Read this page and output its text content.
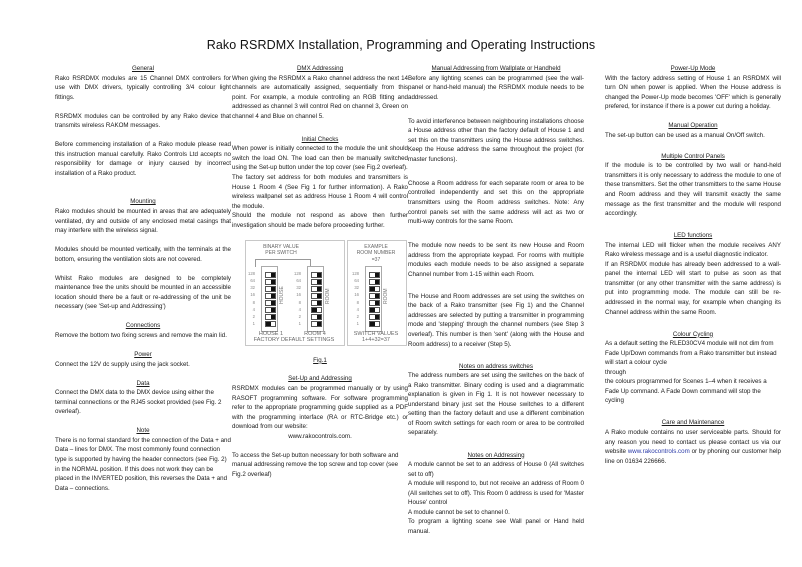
Rako RSRDMX Installation, Programming and Operating Instructions

General

Rako RSRDMX modules are 15 Channel DMX controllers for use with DMX drivers, typically controlling 3/4 colour light fittings.

RSRDMX modules can be controlled by any Rako device that transmits wireless RAKOM messages.

Before commencing installation of a Rako module please read this instruction manual carefully. Rako Controls Ltd accepts no responsibility for damage or injury caused by incorrect installation of a Rako product.

Mounting

Rako modules should be mounted in areas that are adequately ventilated, dry and outside of any enclosed metal casings that may interfere with the wireless signal.

Modules should be mounted vertically, with the terminals at the bottom, ensuring the ventilation slots are not covered.

Whilst Rako modules are designed to be completely maintenance free the units should be mounted in an accessible location should there be a fault or re-addressing of the unit be necessary (see 'Set-up and Addressing')

Connections

Remove the bottom two fixing screws and remove the main lid.

Power

Connect the 12V dc supply using the jack socket.

Data

Connect the DMX data to the DMX device using either the terminal connections or the RJ45 socket provided (see Fig. 2 overleaf).

Note

There is no formal standard for the connection of the Data + and Data – lines for DMX. The most commonly found connection type is supported by having the header connectors (see Fig. 2) in the NORMAL position. If this does not work they can be placed in the INVERTED position, this reverses the Data + and Data – connections.

DMX Addressing

When giving the RSRDMX a Rako channel address the next 14 channels are automatically assigned, sequentially from this point. For example, a module controlling an RGB fitting and addressed as channel 3 will control Red on channel 3, Green on channel 4 and Blue on channel 5.

Initial Checks

When power is initially connected to the module the unit should switch the load ON. The load can then be manually switched using the Set-up button under the top cover (see Fig.2 overleaf).

The factory set address for both modules and transmitters is House 1 Room 4 (See Fig 1 for further information). A Rako wireless wallpanel set as address House 1 Room 4 will control the module.

Should the module not respond as above then further investigation should be made before proceeding further.

BINARY VALUE
PER SWITCH
EXAMPLE
ROOM NUMBER
=37
128
64
32
16
8
4
2
1
128
64
32
16
8
4
2
1
128
64
32
16
8
4
2
1
HOUSE	ROOM	ROOM
HOUSE 1	ROOM 4
FACTORY DEFAULT SETTINGS
SWITCH VALUES
1+4+32=37

Fig.1

Set-Up and Addressing

RSRDMX modules can be programmed manually or by using RASOFT programming software. For software programming refer to the appropriate programming guide supplied as a PDF with the programming interface (RA or RTC-Bridge etc.) or download from our website:

www.rakocontrols.com.

To access the Set-up button necessary for both software and manual addressing remove the top screw and top cover (see Fig.2 overleaf)

Manual Addressing from Wallplate or Handheld

Before any lighting scenes can be programmed (see the wall-panel or hand-held manual) the RSRDMX module needs to be addressed.

To avoid interference between neighbouring installations choose a House address other than the factory default of House 1 and set this on the transmitters using the House address switches. Keep the House address the same throughout the project (for master functions).

Choose a Room address for each separate room or area to be controlled independently and set this on the appropriate transmitters using the Room address switches. Note: Any control panels set with the same address will act as two or multi-way controls for the same Room.

The module now needs to be sent its new House and Room address from the appropriate keypad. For rooms with multiple modules each module needs to be also assigned a separate Channel number from 1-15 within each Room.

The House and Room addresses are set using the switches on the back of a Rako transmitter (see Fig 1) and the Channel addresses are selected by putting a transmitter in programming mode and 'stepping' through the channel numbers (see Step 3 overleaf). This number is then 'sent' (along with the House and Room address) to a receiver (Step 5).

Notes on address switches

The address numbers are set using the switches on the back of a Rako transmitter. Binary coding is used and a diagrammatic explanation is given in Fig 1. It is not however necessary to understand binary just set the House switches to a different setting than the factory default and use a different combination of Room switch settings for each room or area to be controlled separately.

Notes on Addressing

A module cannot be set to an address of House 0 (All switches set to off)

A module will respond to, but not receive an address of Room 0 (All switches set to off). This Room 0 address is used for 'Master House' control

A module cannot be set to channel 0.

To program a lighting scene see Wall panel or Hand held manual.

Power-Up Mode

With the factory address setting of House 1 an RSRDMX will turn ON when power is applied. When the House address is changed the Power-Up mode becomes 'OFF' which is generally prefered, for instance if there is a power cut during a holiday.

Manual Operation

The set-up button can be used as a manual On/Off switch.

Multiple Control Panels

If the module is to be controlled by two wall or hand-held transmitters it is only necessary to address the module to one of these transmitters. Set the other transmitters to the same House and Room address and they will transmit exactly the same message as the first transmitter and the module will respond accordingly.

LED functions

The internal LED will flicker when the module receives ANY Rako wireless message and is a useful diagnostic indicator.

If an RSRDMX module has already been addressed to a wall-panel the internal LED will start to pulse as soon as that transmitter (or any other transmitter with the same address) is put into programming mode. The module can still be re-addressed in the normal way, for example when changing its Channel address within the same Room.

Colour Cycling

As a default setting the RLED30CV4 module will not dim from Fade Up/Down commands from a Rako transmitter but instead will start a colour cycle

through

the colours programmed for Scenes 1–4 when it receives a Fade Up command. A Fade Down command will stop the cycling

Care and Maintenance

A Rako module contains no user serviceable parts. Should for any reason you need to contact us please contact us via our website www.rakocontrols.com or by phoning our customer help line on 01634 226666.
